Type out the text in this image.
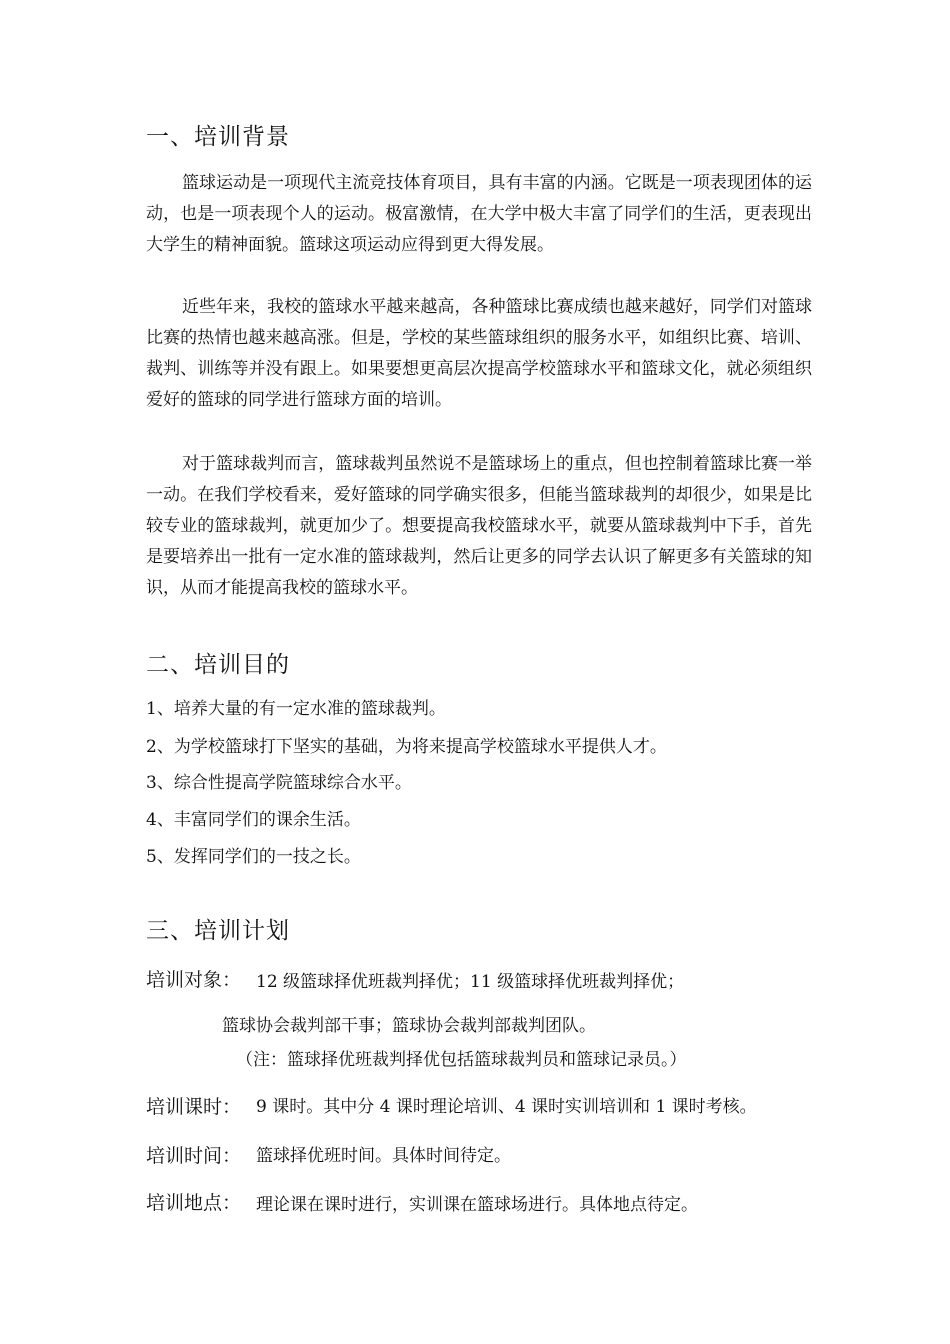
一、培训背景

篮球运动是一项现代主流竞技体育项目，具有丰富的内涵。它既是一项表现团体的运动，也是一项表现个人的运动。极富激情，在大学中极大丰富了同学们的生活，更表现出大学生的精神面貌。篮球这项运动应得到更大得发展。

近些年来，我校的篮球水平越来越高，各种篮球比赛成绩也越来越好，同学们对篮球比赛的热情也越来越高涨。但是，学校的某些篮球组织的服务水平，如组织比赛、培训、裁判、训练等并没有跟上。如果要想更高层次提高学校篮球水平和篮球文化，就必须组织爱好的篮球的同学进行篮球方面的培训。

对于篮球裁判而言，篮球裁判虽然说不是篮球场上的重点，但也控制着篮球比赛一举一动。在我们学校看来，爱好篮球的同学确实很多，但能当篮球裁判的却很少，如果是比较专业的篮球裁判，就更加少了。想要提高我校篮球水平，就要从篮球裁判中下手，首先是要培养出一批有一定水准的篮球裁判，然后让更多的同学去认识了解更多有关篮球的知识，从而才能提高我校的篮球水平。

二、培训目的

1、培养大量的有一定水准的篮球裁判。

2、为学校篮球打下坚实的基础，为将来提高学校篮球水平提供人才。

3、综合性提高学院篮球综合水平。

4、丰富同学们的课余生活。

5、发挥同学们的一技之长。

三、培训计划
培训对象： 12 级篮球择优班裁判择优；11 级篮球择优班裁判择优；
篮球协会裁判部干事；篮球协会裁判部裁判团队。
（注：篮球择优班裁判择优包括篮球裁判员和篮球记录员。）
培训课时： 9 课时。其中分 4 课时理论培训、4 课时实训培训和 1 课时考核。
培训时间： 篮球择优班时间。具体时间待定。
培训地点： 理论课在课时进行，实训课在篮球场进行。具体地点待定。
